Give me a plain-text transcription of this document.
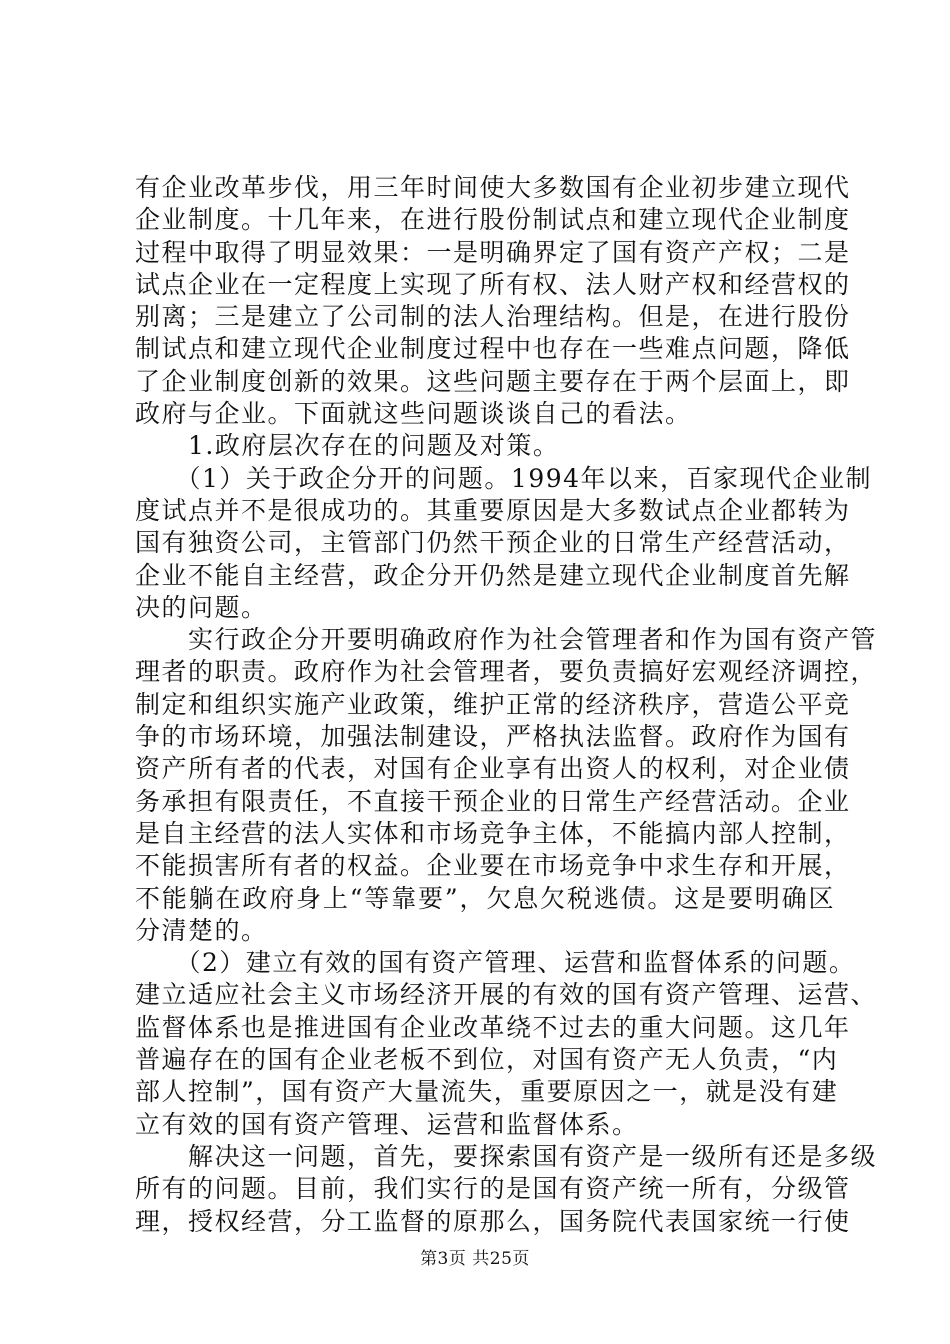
有企业改革步伐，用三年时间使大多数国有企业初步建立现代
企业制度。十几年来，在进行股份制试点和建立现代企业制度
过程中取得了明显效果：一是明确界定了国有资产产权；二是
试点企业在一定程度上实现了所有权、法人财产权和经营权的
别离；三是建立了公司制的法人治理结构。但是，在进行股份
制试点和建立现代企业制度过程中也存在一些难点问题，降低
了企业制度创新的效果。这些问题主要存在于两个层面上，即
政府与企业。下面就这些问题谈谈自己的看法。
　　1.政府层次存在的问题及对策。
　　（1）关于政企分开的问题。1994年以来，百家现代企业制
度试点并不是很成功的。其重要原因是大多数试点企业都转为
国有独资公司，主管部门仍然干预企业的日常生产经营活动，
企业不能自主经营，政企分开仍然是建立现代企业制度首先解
决的问题。
　　实行政企分开要明确政府作为社会管理者和作为国有资产管
理者的职责。政府作为社会管理者，要负责搞好宏观经济调控，
制定和组织实施产业政策，维护正常的经济秩序，营造公平竞
争的市场环境，加强法制建设，严格执法监督。政府作为国有
资产所有者的代表，对国有企业享有出资人的权利，对企业债
务承担有限责任，不直接干预企业的日常生产经营活动。企业
是自主经营的法人实体和市场竞争主体，不能搞内部人控制，
不能损害所有者的权益。企业要在市场竞争中求生存和开展，
不能躺在政府身上“等靠要”，欠息欠税逃债。这是要明确区
分清楚的。
　　（2）建立有效的国有资产管理、运营和监督体系的问题。
建立适应社会主义市场经济开展的有效的国有资产管理、运营、
监督体系也是推进国有企业改革绕不过去的重大问题。这几年
普遍存在的国有企业老板不到位，对国有资产无人负责，“内
部人控制”，国有资产大量流失，重要原因之一，就是没有建
立有效的国有资产管理、运营和监督体系。
　　解决这一问题，首先，要探索国有资产是一级所有还是多级
所有的问题。目前，我们实行的是国有资产统一所有，分级管
理，授权经营，分工监督的原那么，国务院代表国家统一行使
第3页 共25页
